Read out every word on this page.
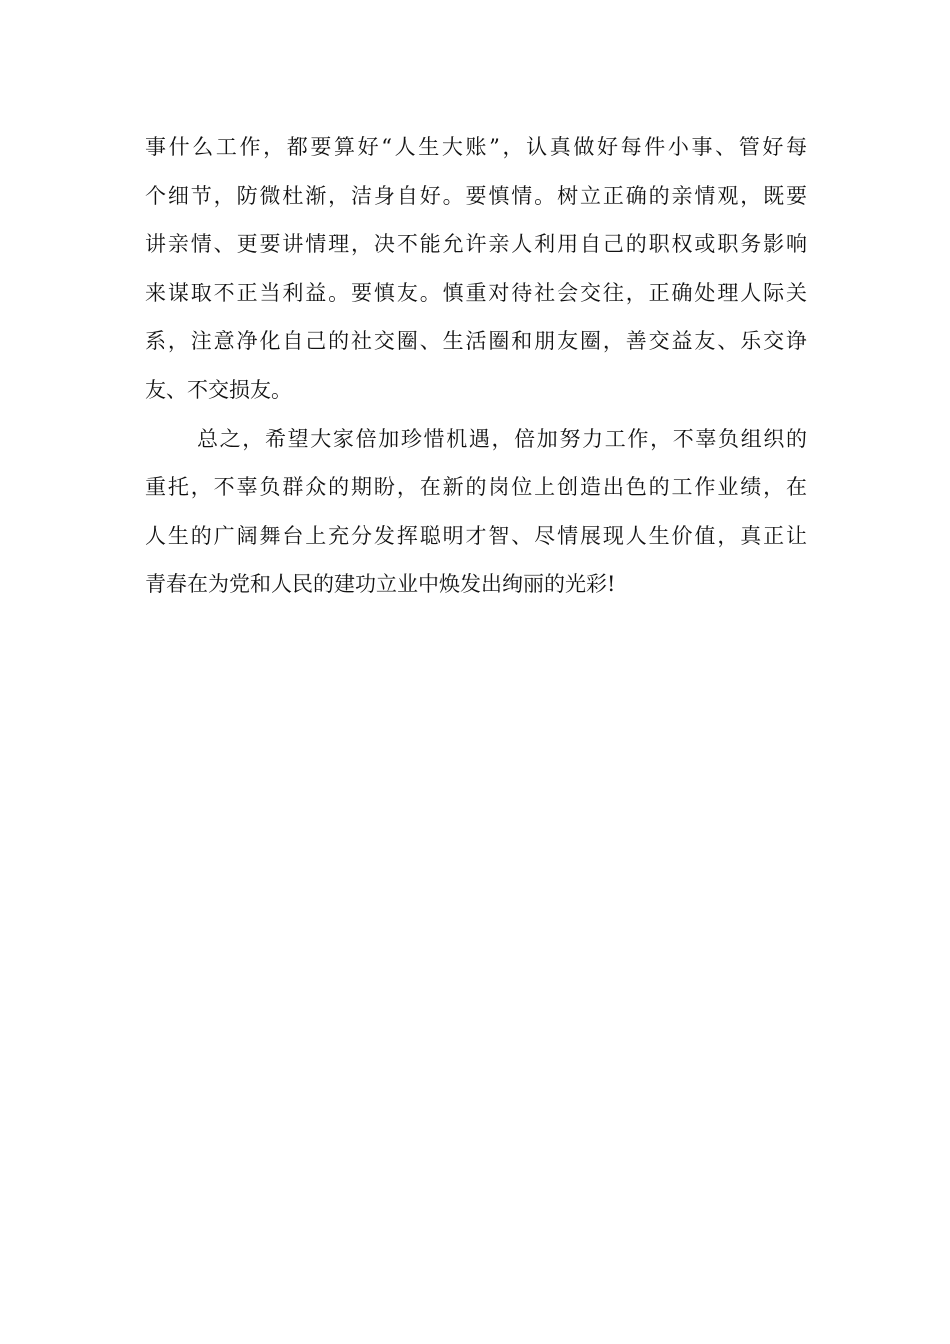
事什么工作，都要算好“人生大账”，认真做好每件小事、管好每
个细节，防微杜渐，洁身自好。要慎情。树立正确的亲情观，既要
讲亲情、更要讲情理，决不能允许亲人利用自己的职权或职务影响
来谋取不正当利益。要慎友。慎重对待社会交往，正确处理人际关
系，注意净化自己的社交圈、生活圈和朋友圈，善交益友、乐交诤
友、不交损友。
总之，希望大家倍加珍惜机遇，倍加努力工作，不辜负组织的
重托，不辜负群众的期盼，在新的岗位上创造出色的工作业绩，在
人生的广阔舞台上充分发挥聪明才智、尽情展现人生价值，真正让
青春在为党和人民的建功立业中焕发出绚丽的光彩!
